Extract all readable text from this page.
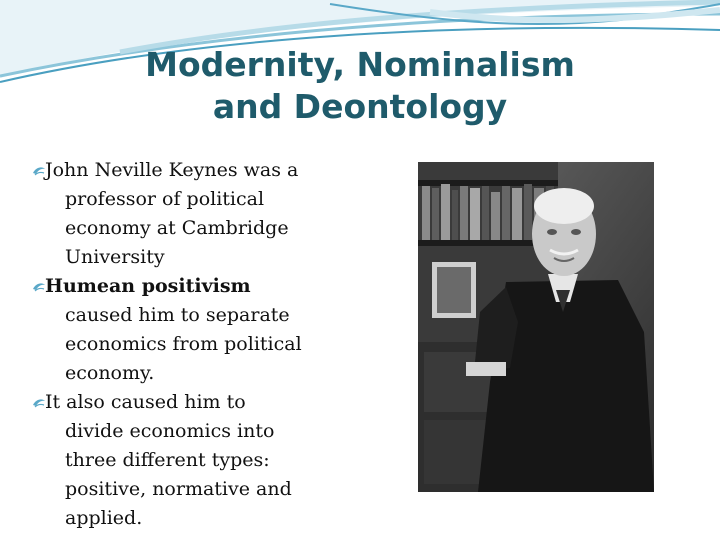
Modernity, Nominalism
and Deontology
John Neville Keynes was a
professor of political
economy at Cambridge
University
Humean positivism
caused him to separate
economics from political
economy.
It also caused him to
divide economics into
three different types:
positive, normative and
applied.
